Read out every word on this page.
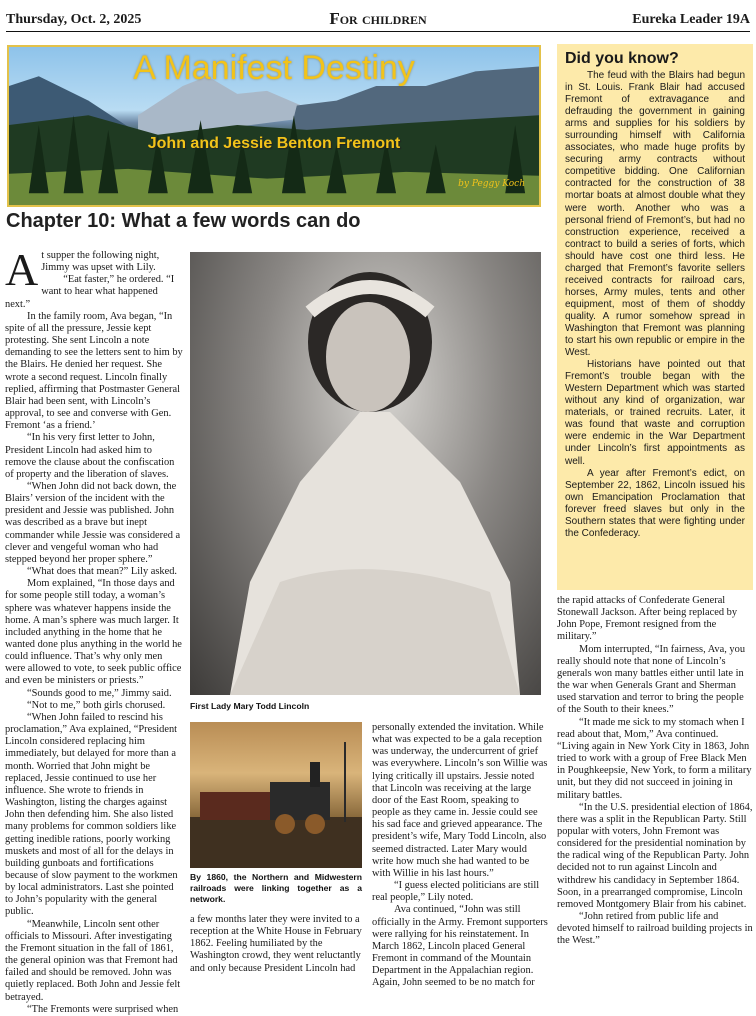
Thursday, Oct. 2, 2025	For children	Eureka Leader 19A
A Manifest Destiny
John and Jessie Benton Fremont
by Peggy Koch
Chapter 10: What a few words can do

At supper the following night, Jimmy was upset with Lily.

“Eat faster,” he ordered. “I want to hear what happened next.”

In the family room, Ava began, “In spite of all the pressure, Jessie kept protesting. She sent Lincoln a note demanding to see the letters sent to him by the Blairs. He denied her request. She wrote a second request. Lincoln finally replied, affirming that Postmaster General Blair had been sent, with Lincoln’s approval, to see and converse with Gen. Fremont ‘as a friend.’

“In his very first letter to John, President Lincoln had asked him to remove the clause about the confiscation of property and the liberation of slaves.

“When John did not back down, the Blairs’ version of the incident with the president and Jessie was published. John was described as a brave but inept commander while Jessie was considered a clever and vengeful woman who had stepped beyond her proper sphere.”

“What does that mean?” Lily asked.

Mom explained, “In those days and for some people still today, a woman’s sphere was whatever happens inside the home. A man’s sphere was much larger. It included anything in the home that he wanted done plus anything in the world he could influence. That’s why only men were allowed to vote, to seek public office and even be ministers or priests.”

“Sounds good to me,” Jimmy said.

“Not to me,” both girls chorused.

“When John failed to rescind his proclamation,” Ava explained, “President Lincoln considered replacing him immediately, but delayed for more than a month. Worried that John might be replaced, Jessie continued to use her influence. She wrote to friends in Washington, listing the charges against John then defending him. She also listed many problems for common soldiers like getting inedible rations, poorly working muskets and most of all for the delays in building gunboats and fortifications because of slow payment to the workmen by local administrators. Last she pointed to John’s popularity with the general public.

“Meanwhile, Lincoln sent other officials to Missouri. After investigating the Fremont situation in the fall of 1861, the general opinion was that Fremont had failed and should be removed. John was quietly replaced. Both John and Jessie felt betrayed.

“The Fremonts were surprised when

First Lady Mary Todd Lincoln
By 1860, the Northern and Midwestern railroads were linking together as a network.

a few months later they were invited to a reception at the White House in February 1862. Feeling humiliated by the Washington crowd, they went reluctantly and only because President Lincoln had

personally extended the invitation. While what was expected to be a gala reception was underway, the undercurrent of grief was everywhere. Lincoln’s son Willie was lying critically ill upstairs. Jessie noted that Lincoln was receiving at the large door of the East Room, speaking to people as they came in. Jessie could see his sad face and grieved appearance. The president’s wife, Mary Todd Lincoln, also seemed distracted. Later Mary would write how much she had wanted to be with Willie in his last hours.”

“I guess elected politicians are still real people,” Lily noted.

Ava continued, “John was still officially in the Army. Fremont supporters were rallying for his reinstatement. In March 1862, Lincoln placed General Fremont in command of the Mountain Department in the Appalachian region. Again, John seemed to be no match for

Did you know?

The feud with the Blairs had begun in St. Louis. Frank Blair had accused Fremont of extravagance and defrauding the government in gaining arms and supplies for his soldiers by surrounding himself with California associates, who made huge profits by securing army contracts without competitive bidding. One Californian contracted for the construction of 38 mortar boats at almost double what they were worth. Another who was a personal friend of Fremont’s, but had no construction experience, received a contract to build a series of forts, which should have cost one third less. He charged that Fremont’s favorite sellers received contracts for railroad cars, horses, Army mules, tents and other equipment, most of them of shoddy quality. A rumor somehow spread in Washington that Fremont was planning to start his own republic or empire in the West.

Historians have pointed out that Fremont’s trouble began with the Western Department which was started without any kind of organization, war materials, or trained recruits. Later, it was found that waste and corruption were endemic in the War Department under Lincoln’s first appointments as well.

A year after Fremont’s edict, on September 22, 1862, Lincoln issued his own Emancipation Proclamation that forever freed slaves but only in the Southern states that were fighting under the Confederacy.

the rapid attacks of Confederate General Stonewall Jackson. After being replaced by John Pope, Fremont resigned from the military.”

Mom interrupted, “In fairness, Ava, you really should note that none of Lincoln’s generals won many battles either until late in the war when Generals Grant and Sherman used starvation and terror to bring the people of the South to their knees.”

“It made me sick to my stomach when I read about that, Mom,” Ava continued. “Living again in New York City in 1863, John tried to work with a group of Free Black Men in Poughkeepsie, New York, to form a military unit, but they did not succeed in joining in military battles.

“In the U.S. presidential election of 1864, there was a split in the Republican Party. Still popular with voters, John Fremont was considered for the presidential nomination by the radical wing of the Republican Party. John decided not to run against Lincoln and withdrew his candidacy in September 1864. Soon, in a prearranged compromise, Lincoln removed Montgomery Blair from his cabinet.

“John retired from public life and devoted himself to railroad building projects in the West.”
